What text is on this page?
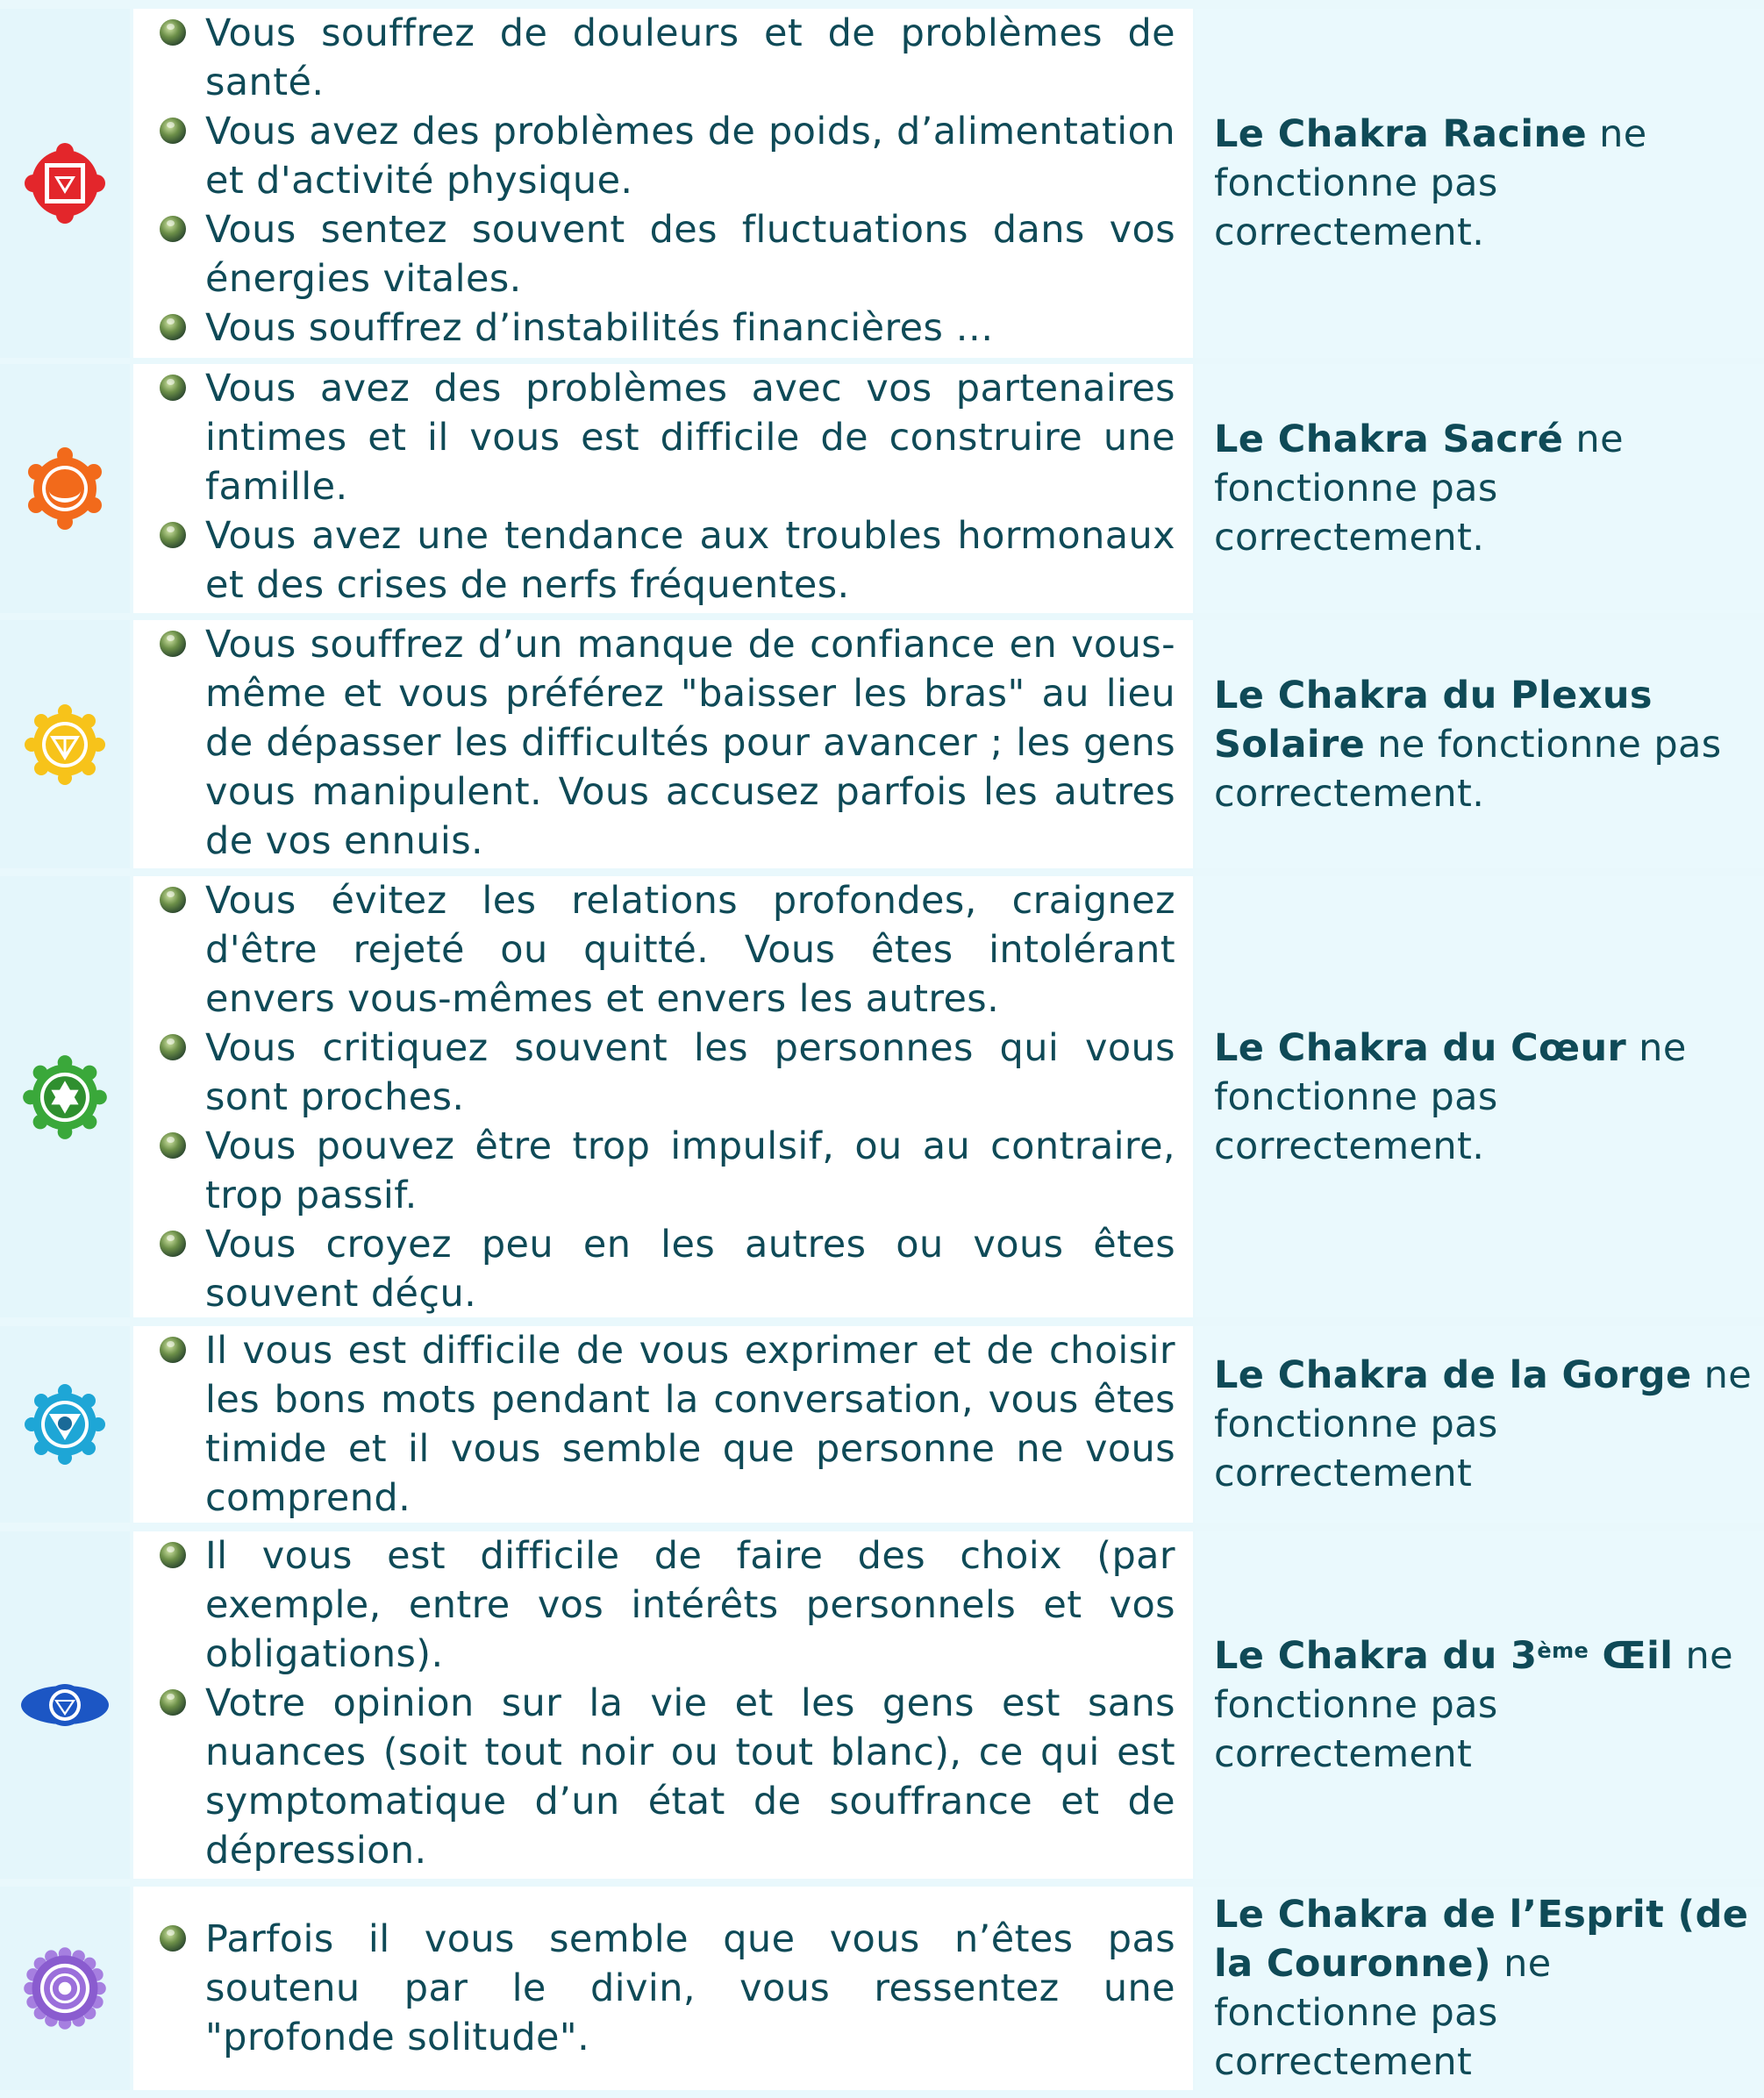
Vous souffrez de douleurs et de problèmes de santé.
Vous avez des problèmes de poids, d’alimentation et d'activité physique.
Vous sentez souvent des fluctuations dans vos énergies vitales.
Vous souffrez d’instabilités financières …
Le Chakra Racine ne fonctionne pas correctement.
Vous avez des problèmes avec vos partenaires intimes et il vous est difficile de construire une famille.
Vous avez une tendance aux troubles hormonaux et des crises de nerfs fréquentes.
Le Chakra Sacré ne fonctionne pas correctement.
Vous souffrez d’un manque de confiance en vous-même et vous préférez "baisser les bras" au lieu de dépasser les difficultés pour avancer ; les gens vous manipulent. Vous accusez parfois les autres de vos ennuis.
Le Chakra du Plexus Solaire ne fonctionne pas correctement.
Vous évitez les relations profondes, craignez d'être rejeté ou quitté. Vous êtes intolérant envers vous-mêmes et envers les autres.
Vous critiquez souvent les personnes qui vous sont proches.
Vous pouvez être trop impulsif, ou au contraire, trop passif.
Vous croyez peu en les autres ou vous êtes souvent déçu.
Le Chakra du Cœur ne fonctionne pas correctement.
Il vous est difficile de vous exprimer et de choisir les bons mots pendant la conversation, vous êtes timide et il vous semble que personne ne vous comprend.
Le Chakra de la Gorge ne fonctionne pas correctement
Il vous est difficile de faire des choix (par exemple, entre vos intérêts personnels et vos obligations).
Votre opinion sur la vie et les gens est sans nuances (soit tout noir ou tout blanc), ce qui est symptomatique d’un état de souffrance et de dépression.
Le Chakra du 3ème Œil ne fonctionne pas correctement
Parfois il vous semble que vous n’êtes pas soutenu par le divin, vous ressentez une "profonde solitude".
Le Chakra de l’Esprit (de la Couronne) ne fonctionne pas correctement
